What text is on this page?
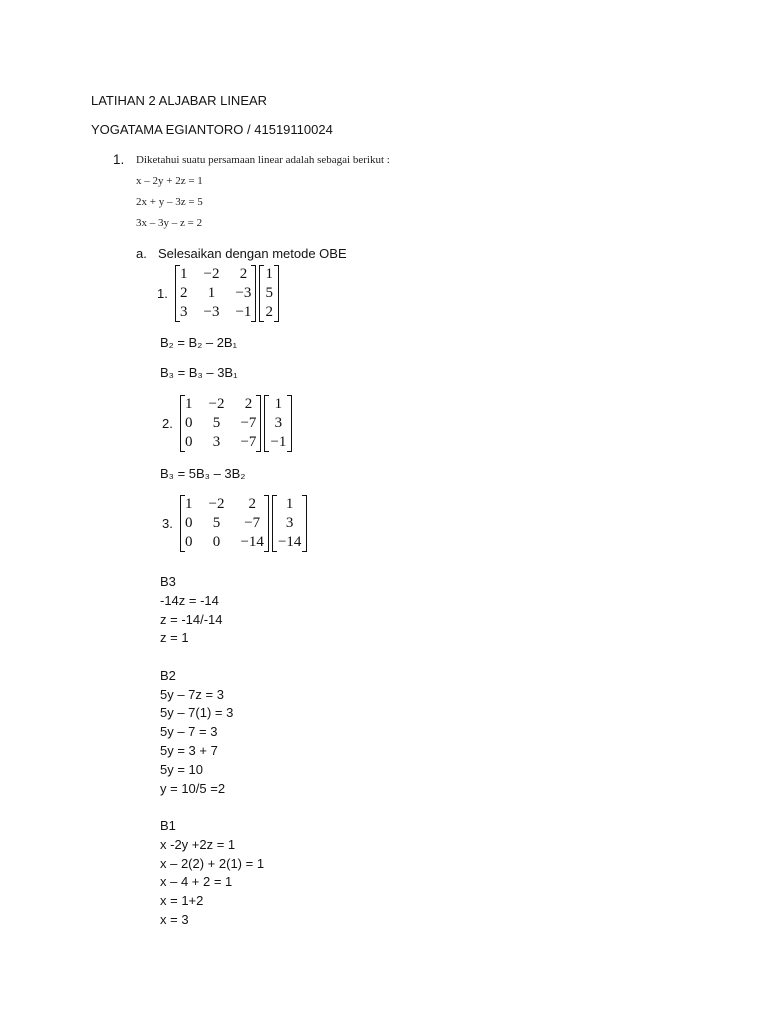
LATIHAN 2 ALJABAR LINEAR
YOGATAMA EGIANTORO / 41519110024
1. Diketahui suatu persamaan linear adalah sebagai berikut :
x – 2y + 2z = 1
2x + y – 3z = 5
3x – 3y – z = 2
a. Selesaikan dengan metode OBE
1.
1 −2 2
2 1 −3
3 −3 −1
1
5
2
B₂ = B₂ – 2B₁
B₃ = B₃ – 3B₁
2.
1 −2 2
0 5 −7
0 3 −7
1
3
−1
B₃ = 5B₃ – 3B₂
3.
1 −2 2
0 5 −7
0 0 −14
1
3
−14
B3
-14z = -14
z = -14/-14
z = 1
B2
5y – 7z = 3
5y – 7(1) = 3
5y – 7 = 3
5y = 3 + 7
5y = 10
y = 10/5 =2
B1
x -2y +2z = 1
x – 2(2) + 2(1) = 1
x – 4 + 2 = 1
x = 1+2
x = 3
